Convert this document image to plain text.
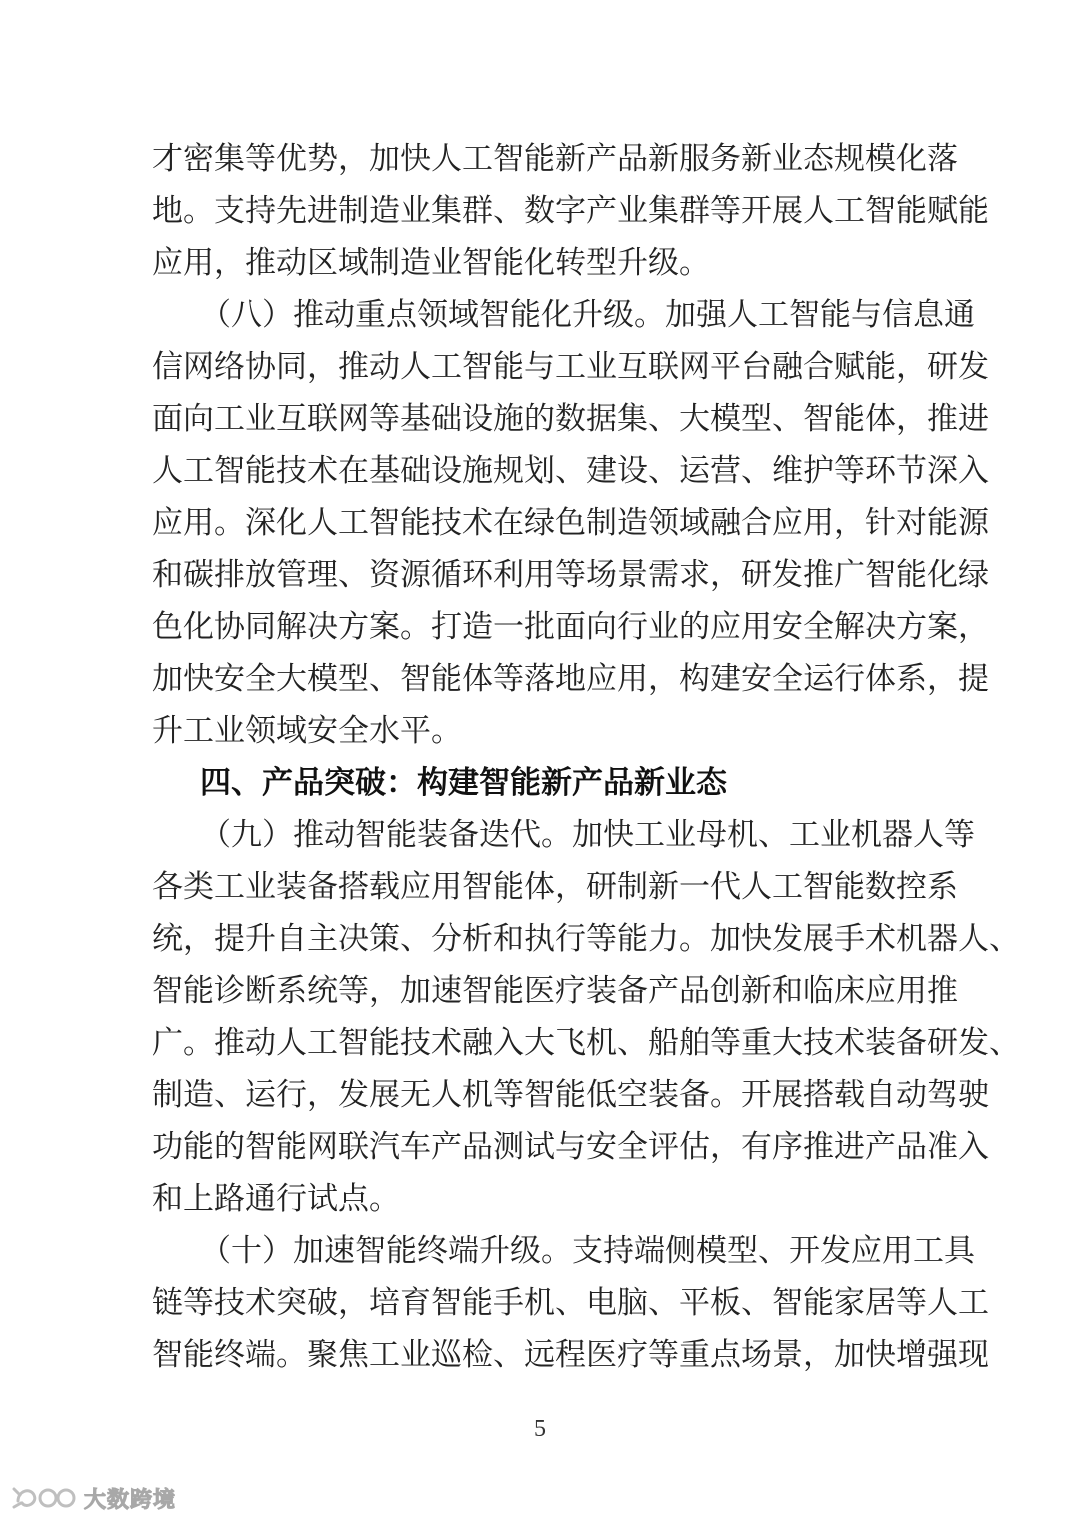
才密集等优势，加快人工智能新产品新服务新业态规模化落
地。支持先进制造业集群、数字产业集群等开展人工智能赋能
应用，推动区域制造业智能化转型升级。
（八）推动重点领域智能化升级。加强人工智能与信息通
信网络协同，推动人工智能与工业互联网平台融合赋能，研发
面向工业互联网等基础设施的数据集、大模型、智能体，推进
人工智能技术在基础设施规划、建设、运营、维护等环节深入
应用。深化人工智能技术在绿色制造领域融合应用，针对能源
和碳排放管理、资源循环利用等场景需求，研发推广智能化绿
色化协同解决方案。打造一批面向行业的应用安全解决方案，
加快安全大模型、智能体等落地应用，构建安全运行体系，提
升工业领域安全水平。
四、产品突破：构建智能新产品新业态
（九）推动智能装备迭代。加快工业母机、工业机器人等
各类工业装备搭载应用智能体，研制新一代人工智能数控系
统，提升自主决策、分析和执行等能力。加快发展手术机器人、
智能诊断系统等，加速智能医疗装备产品创新和临床应用推
广。推动人工智能技术融入大飞机、船舶等重大技术装备研发、
制造、运行，发展无人机等智能低空装备。开展搭载自动驾驶
功能的智能网联汽车产品测试与安全评估，有序推进产品准入
和上路通行试点。
（十）加速智能终端升级。支持端侧模型、开发应用工具
链等技术突破，培育智能手机、电脑、平板、智能家居等人工
智能终端。聚焦工业巡检、远程医疗等重点场景，加快增强现
5
大数跨境
